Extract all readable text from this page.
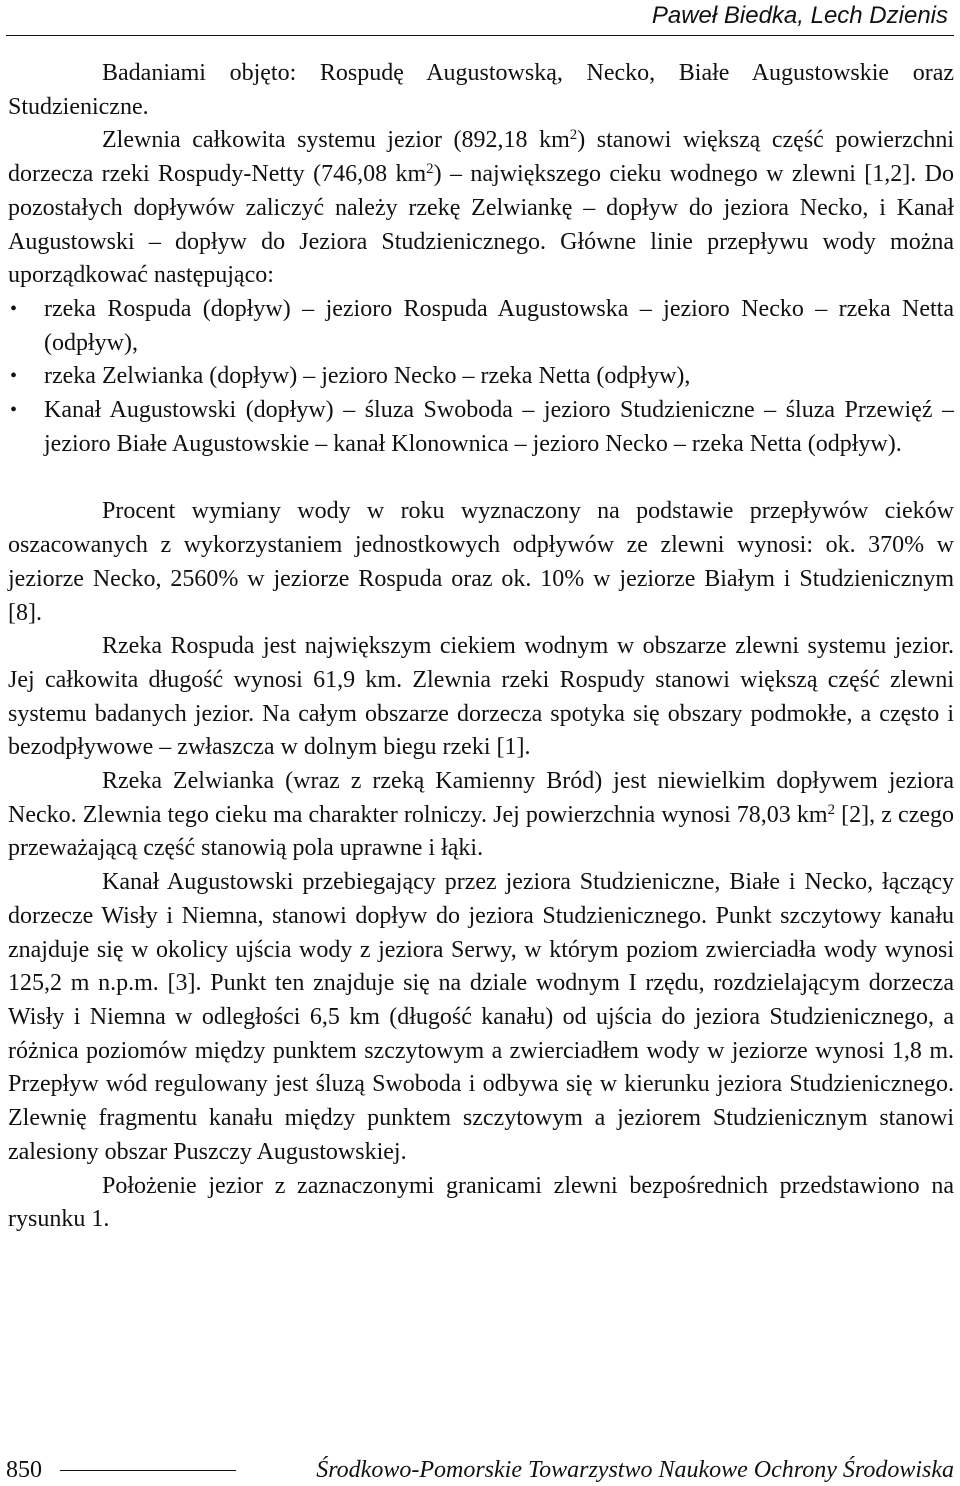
Paweł Biedka, Lech Dzienis

Badaniami objęto: Rospudę Augustowską, Necko, Białe Augustowskie oraz Studzieniczne.

Zlewnia całkowita systemu jezior (892,18 $km^2$) stanowi większą część powierzchni dorzecza rzeki Rospudy-Netty (746,08 $km^2$) – największego cieku wodnego w zlewni [1,2]. Do pozostałych dopływów zaliczyć należy rzekę Zelwiankę – dopływ do jeziora Necko, i Kanał Augustowski – dopływ do Jeziora Studzienicznego. Główne linie przepływu wody można uporządkować następująco:

•	rzeka Rospuda (dopływ) – jezioro Rospuda Augustowska – jezioro Necko – rzeka Netta (odpływ),
•	rzeka Zelwianka (dopływ) – jezioro Necko – rzeka Netta (odpływ),
•	Kanał Augustowski (dopływ) – śluza Swoboda – jezioro Studzieniczne – śluza Przewięź – jezioro Białe Augustowskie – kanał Klonownica – jezioro Necko – rzeka Netta (odpływ).

Procent wymiany wody w roku wyznaczony na podstawie przepływów cieków oszacowanych z wykorzystaniem jednostkowych odpływów ze zlewni wynosi: ok. 370% w jeziorze Necko, 2560% w jeziorze Rospuda oraz ok. 10% w jeziorze Białym i Studzienicznym [8].

Rzeka Rospuda jest największym ciekiem wodnym w obszarze zlewni systemu jezior. Jej całkowita długość wynosi 61,9 km. Zlewnia rzeki Rospudy stanowi większą część zlewni systemu badanych jezior. Na całym obszarze dorzecza spotyka się obszary podmokłe, a często i bezodpływowe – zwłaszcza w dolnym biegu rzeki [1].

Rzeka Zelwianka (wraz z rzeką Kamienny Bród) jest niewielkim dopływem jeziora Necko. Zlewnia tego cieku ma charakter rolniczy. Jej powierzchnia wynosi 78,03 $km^2$ [2], z czego przeważającą część stanowią pola uprawne i łąki.

Kanał Augustowski przebiegający przez jeziora Studzieniczne, Białe i Necko, łączący dorzecze Wisły i Niemna, stanowi dopływ do jeziora Studzienicznego. Punkt szczytowy kanału znajduje się w okolicy ujścia wody z jeziora Serwy, w którym poziom zwierciadła wody wynosi 125,2 m n.p.m. [3]. Punkt ten znajduje się na dziale wodnym I rzędu, rozdzielającym dorzecza Wisły i Niemna w odległości 6,5 km (długość kanału) od ujścia do jeziora Studzienicznego, a różnica poziomów między punktem szczytowym a zwierciadłem wody w jeziorze wynosi 1,8 m. Przepływ wód regulowany jest śluzą Swoboda i odbywa się w kierunku jeziora Studzienicznego. Zlewnię fragmentu kanału między punktem szczytowym a jeziorem Studzienicznym stanowi zalesiony obszar Puszczy Augustowskiej.

Położenie jezior z zaznaczonymi granicami zlewni bezpośrednich przedstawiono na rysunku 1.

850	Środkowo-Pomorskie Towarzystwo Naukowe Ochrony Środowiska
